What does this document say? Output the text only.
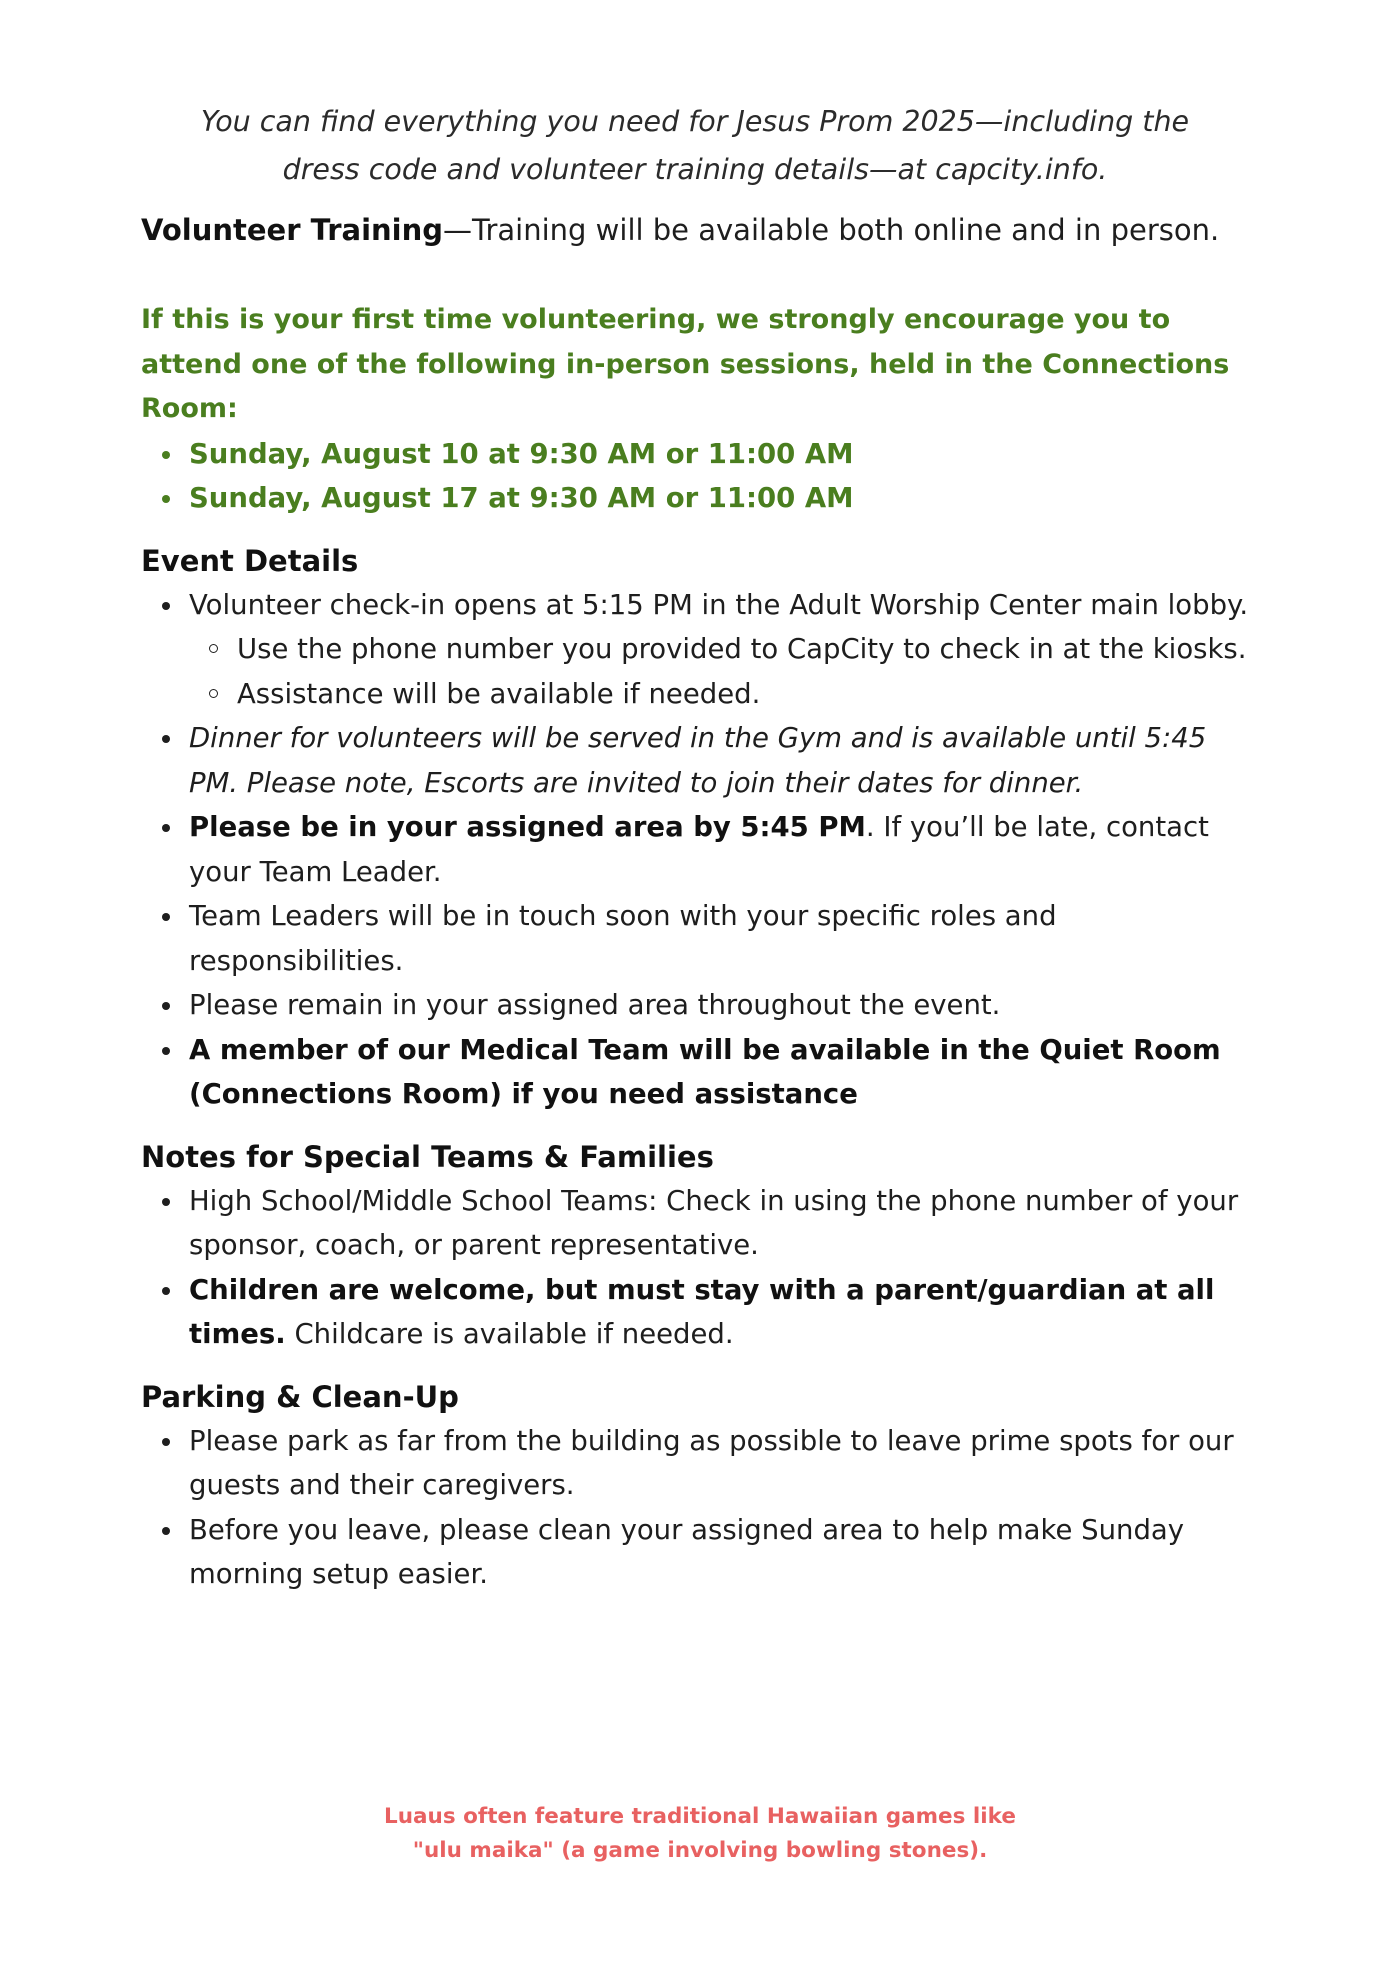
You can find everything you need for Jesus Prom 2025—including the
dress code and volunteer training details—at capcity.info.

Volunteer Training—Training will be available both online and in person.

If this is your first time volunteering, we strongly encourage you to attend one of the following in-person sessions, held in the Connections Room:

Sunday, August 10 at 9:30 AM or 11:00 AM
Sunday, August 17 at 9:30 AM or 11:00 AM
Event Details
Volunteer check-in opens at 5:15 PM in the Adult Worship Center main lobby.
Use the phone number you provided to CapCity to check in at the kiosks.
Assistance will be available if needed.
Dinner for volunteers will be served in the Gym and is available until 5:45 PM. Please note, Escorts are invited to join their dates for dinner.
Please be in your assigned area by 5:45 PM. If you’ll be late, contact your Team Leader.
Team Leaders will be in touch soon with your specific roles and responsibilities.
Please remain in your assigned area throughout the event.
A member of our Medical Team will be available in the Quiet Room (Connections Room) if you need assistance
Notes for Special Teams & Families
High School/Middle School Teams: Check in using the phone number of your sponsor, coach, or parent representative.
Children are welcome, but must stay with a parent/guardian at all times. Childcare is available if needed.
Parking & Clean-Up
Please park as far from the building as possible to leave prime spots for our guests and their caregivers.
Before you leave, please clean your assigned area to help make Sunday morning setup easier.
Luaus often feature traditional Hawaiian games like
"ulu maika" (a game involving bowling stones).
